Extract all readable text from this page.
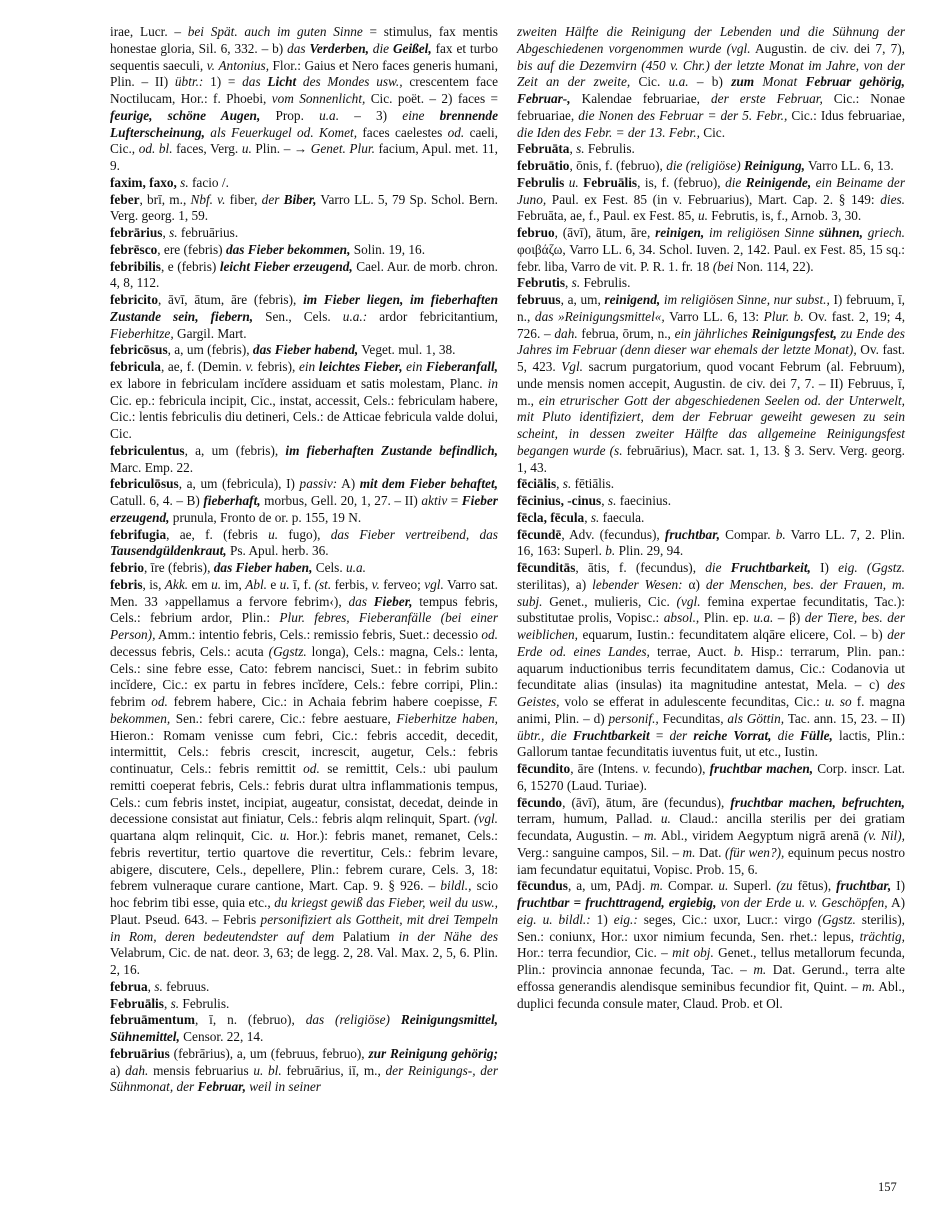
irae, Lucr. – bei Spät. auch im guten Sinne = stimulus, fax mentis honestae gloria, Sil. 6, 332. – b) das Verderben, die Geißel, fax et turbo sequentis saeculi, v. Antonius, Flor.: Gaius et Nero faces generis humani, Plin. – II) übtr.: 1) = das Licht des Mondes usw., crescentem face Noctilucam, Hor.: f. Phoebi, vom Sonnenlicht, Cic. poët. – 2) faces = feurige, schöne Augen, Prop. u.a. – 3) eine brennende Lufterscheinung, als Feuerkugel od. Komet, faces caelestes od. caeli, Cic., od. bl. faces, Verg. u. Plin. – → Genet. Plur. facium, Apul. met. 11, 9.

faxim, faxo, s. facio /.

feber, brī, m., Nbf. v. fiber, der Biber, Varro LL. 5, 79 Sp. Schol. Bern. Verg. georg. 1, 59.

febrārius, s. februārius.

febrēsco, ere (febris) das Fieber bekommen, Solin. 19, 16.

febribilis, e (febris) leicht Fieber erzeugend, Cael. Aur. de morb. chron. 4, 8, 112.

febricito, āvī, ātum, āre (febris), im Fieber liegen, im fieberhaften Zustande sein, fiebern, Sen., Cels. u.a.: ardor febricitantium, Fieberhitze, Gargil. Mart.

febricōsus, a, um (febris), das Fieber habend, Veget. mul. 1, 38.

febricula, ae, f. (Demin. v. febris), ein leichtes Fieber, ein Fieberanfall, ex labore in febriculam incĭdere assiduam et satis molestam, Planc. in Cic. ep.: febricula incipit, Cic., instat, accessit, Cels.: febriculam habere, Cic.: lentis febriculis diu detineri, Cels.: de Atticae febricula valde dolui, Cic.

febriculentus, a, um (febris), im fieberhaften Zustande befindlich, Marc. Emp. 22.

febriculōsus, a, um (febricula), I) passiv: A) mit dem Fieber behaftet, Catull. 6, 4. – B) fieberhaft, morbus, Gell. 20, 1, 27. – II) aktiv = Fieber erzeugend, prunula, Fronto de or. p. 155, 19 N.

febrifugia, ae, f. (febris u. fugo), das Fieber vertreibend, das Tausendgüldenkraut, Ps. Apul. herb. 36.

febrio, īre (febris), das Fieber haben, Cels. u.a.

febris, is, Akk. em u. im, Abl. e u. ī, f. (st. ferbis, v. ferveo; vgl. Varro sat. Men. 33 ›appellamus a fervore febrim‹), das Fieber, tempus febris, Cels.: febrium ardor, Plin.: Plur. febres, Fieberanfälle (bei einer Person), Amm.: intentio febris, Cels.: remissio febris, Suet.: decessio od. decessus febris, Cels.: acuta (Ggstz. longa), Cels.: magna, Cels.: lenta, Cels.: sine febre esse, Cato: febrem nancisci, Suet.: in febrim subito incĭdere, Cic.: ex partu in febres incĭdere, Cels.: febre corripi, Plin.: febrim od. febrem habere, Cic.: in Achaia febrim habere coepisse, F. bekommen, Sen.: febri carere, Cic.: febre aestuare, Fieberhitze haben, Hieron.: Romam venisse cum febri, Cic.: febris accedit, decedit, intermittit, Cels.: febris crescit, increscit, augetur, Cels.: febris continuatur, Cels.: febris remittit od. se remittit, Cels.: ubi paulum remitti coeperat febris, Cels.: febris durat ultra inflammationis tempus, Cels.: cum febris instet, incipiat, augeatur, consistat, decedat, deinde in decessione consistat aut finiatur, Cels.: febris alqm relinquit, Spart. (vgl. quartana alqm relinquit, Cic. u. Hor.): febris manet, remanet, Cels.: febris revertitur, tertio quartove die revertitur, Cels.: febrim levare, abigere, discutere, Cels., depellere, Plin.: febrem curare, Cels. 3, 18: febrem vulneraque curare cantione, Mart. Cap. 9. § 926. – bildl., scio hoc febrim tibi esse, quia etc., du kriegst gewiß das Fieber, weil du usw., Plaut. Pseud. 643. – Febris personifiziert als Gottheit, mit drei Tempeln in Rom, deren bedeutendster auf dem Palatium in der Nähe des Velabrum, Cic. de nat. deor. 3, 63; de legg. 2, 28. Val. Max. 2, 5, 6. Plin. 2, 16.

februa, s. februus.

Februālis, s. Februlis.

februāmentum, ī, n. (februo), das (religiöse) Reinigungsmittel, Sühnemittel, Censor. 22, 14.

februārius (febrārius), a, um (februus, februo), zur Reinigung gehörig; a) dah. mensis februarius u. bl. februārius, iī, m., der Reinigungs-, der Sühnmonat, der Februar, weil in seiner

zweiten Hälfte die Reinigung der Lebenden und die Sühnung der Abgeschiedenen vorgenommen wurde (vgl. Augustin. de civ. dei 7, 7), bis auf die Dezemvirn (450 v. Chr.) der letzte Monat im Jahre, von der Zeit an der zweite, Cic. u.a. – b) zum Monat Februar gehörig, Februar-, Kalendae februariae, der erste Februar, Cic.: Nonae februariae, die Nonen des Februar = der 5. Febr., Cic.: Idus februariae, die Iden des Febr. = der 13. Febr., Cic.

Februāta, s. Februlis.

februātio, ōnis, f. (februo), die (religiöse) Reinigung, Varro LL. 6, 13.

Februlis u. Februālis, is, f. (februo), die Reinigende, ein Beiname der Juno, Paul. ex Fest. 85 (in v. Februarius), Mart. Cap. 2. § 149: dies. Februāta, ae, f., Paul. ex Fest. 85, u. Februtis, is, f., Arnob. 3, 30.

februo, (āvī), ātum, āre, reinigen, im religiösen Sinne sühnen, griech. φοιβάζω, Varro LL. 6, 34. Schol. Iuven. 2, 142. Paul. ex Fest. 85, 15 sq.: febr. liba, Varro de vit. P. R. 1. fr. 18 (bei Non. 114, 22).

Februtis, s. Februlis.

februus, a, um, reinigend, im religiösen Sinne, nur subst., I) februum, ī, n., das »Reinigungsmittel«, Varro LL. 6, 13: Plur. b. Ov. fast. 2, 19; 4, 726. – dah. februa, ōrum, n., ein jährliches Reinigungsfest, zu Ende des Jahres im Februar (denn dieser war ehemals der letzte Monat), Ov. fast. 5, 423. Vgl. sacrum purgatorium, quod vocant Februm (al. Februum), unde mensis nomen accepit, Augustin. de civ. dei 7, 7. – II) Februus, ī, m., ein etrurischer Gott der abgeschiedenen Seelen od. der Unterwelt, mit Pluto identifiziert, dem der Februar geweiht gewesen zu sein scheint, in dessen zweiter Hälfte das allgemeine Reinigungsfest begangen wurde (s. februārius), Macr. sat. 1, 13. § 3. Serv. Verg. georg. 1, 43.

fēciālis, s. fētiālis.

fēcinius, -cinus, s. faecinius.

fēcla, fēcula, s. faecula.

fēcundē, Adv. (fecundus), fruchtbar, Compar. b. Varro LL. 7, 2. Plin. 16, 163: Superl. b. Plin. 29, 94.

fēcunditās, ātis, f. (fecundus), die Fruchtbarkeit, I) eig. (Ggstz. sterilitas), a) lebender Wesen: α) der Menschen, bes. der Frauen, m. subj. Genet., mulieris, Cic. (vgl. femina expertae fecunditatis, Tac.): substitutae prolis, Vopisc.: absol., Plin. ep. u.a. – β) der Tiere, bes. der weiblichen, equarum, Iustin.: fecunditatem alqāre elicere, Col. – b) der Erde od. eines Landes, terrae, Auct. b. Hisp.: terrarum, Plin. pan.: aquarum inductionibus terris fecunditatem damus, Cic.: Codanovia ut fecunditate alias (insulas) ita magnitudine antestat, Mela. – c) des Geistes, volo se efferat in adulescente fecunditas, Cic.: u. so f. magna animi, Plin. – d) personif., Fecunditas, als Göttin, Tac. ann. 15, 23. – II) übtr., die Fruchtbarkeit = der reiche Vorrat, die Fülle, lactis, Plin.: Gallorum tantae fecunditatis iuventus fuit, ut etc., Iustin.

fēcundito, āre (Intens. v. fecundo), fruchtbar machen, Corp. inscr. Lat. 6, 15270 (Laud. Turiae).

fēcundo, (āvī), ātum, āre (fecundus), fruchtbar machen, befruchten, terram, humum, Pallad. u. Claud.: ancilla sterilis per dei gratiam fecundata, Augustin. – m. Abl., viridem Aegyptum nigrā arenā (v. Nil), Verg.: sanguine campos, Sil. – m. Dat. (für wen?), equinum pecus nostro iam fecundatur equitatui, Vopisc. Prob. 15, 6.

fēcundus, a, um, PAdj. m. Compar. u. Superl. (zu fētus), fruchtbar, I) fruchtbar = fruchttragend, ergiebig, von der Erde u. v. Geschöpfen, A) eig. u. bildl.: 1) eig.: seges, Cic.: uxor, Lucr.: virgo (Ggstz. sterilis), Sen.: coniunx, Hor.: uxor nimium fecunda, Sen. rhet.: lepus, trächtig, Hor.: terra fecundior, Cic. – mit obj. Genet., tellus metallorum fecunda, Plin.: provincia annonae fecunda, Tac. – m. Dat. Gerund., terra alte effossa generandis alendisque seminibus fecundior fit, Quint. – m. Abl., duplici fecunda consule mater, Claud. Prob. et Ol.

157
